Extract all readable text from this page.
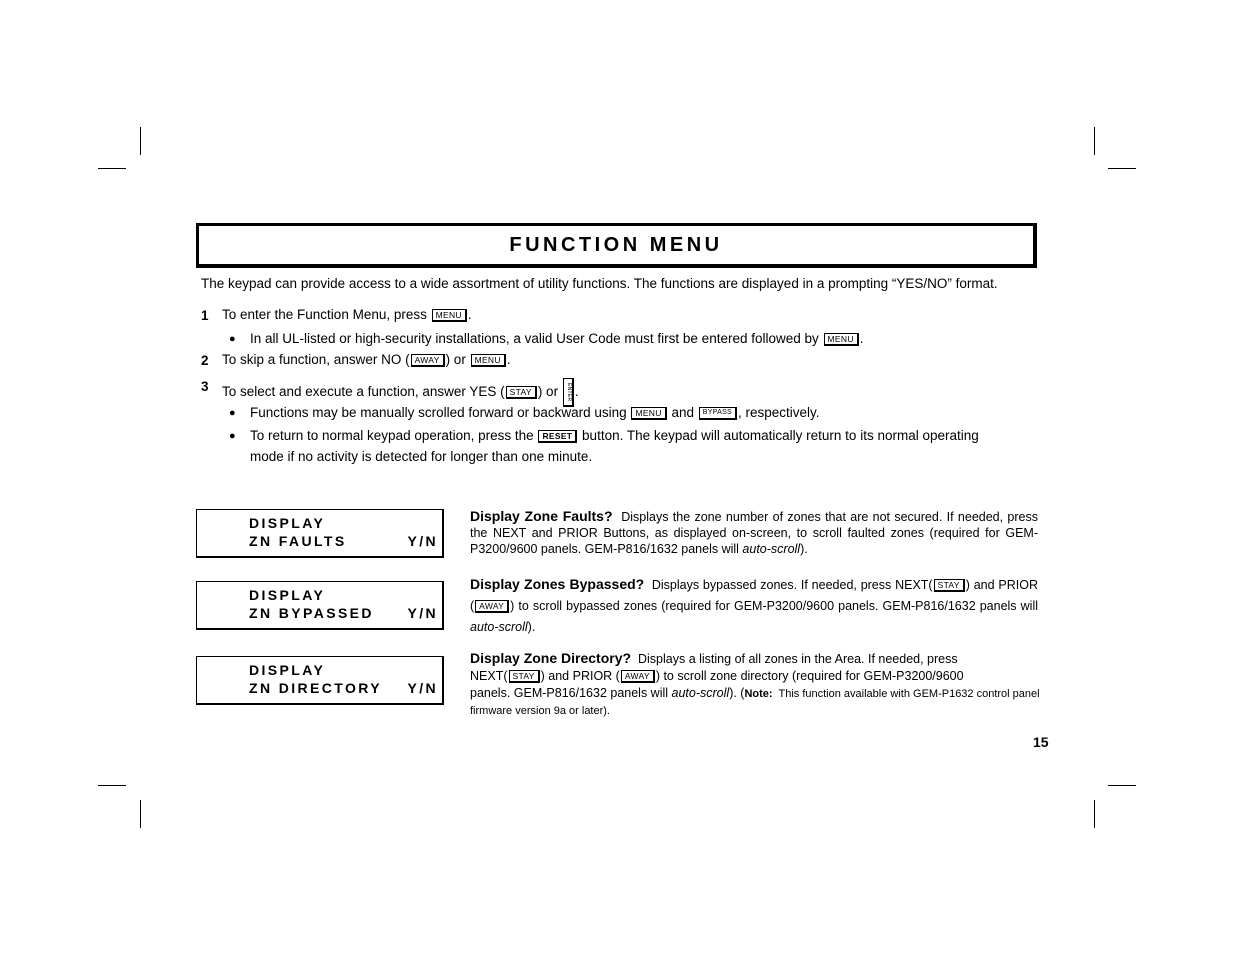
FUNCTION MENU
The keypad can provide access to a wide assortment of utility functions. The functions are displayed in a prompting “YES/NO” format.
1 To enter the Function Menu, press MENU .
● In all UL-listed or high-security installations, a valid User Code must first be entered followed by MENU .
2 To skip a function, answer NO ( AWAY ) or MENU .
3 To select and execute a function, answer YES ( STAY ) or ENTER .
● Functions may be manually scrolled forward or backward using MENU and BYPASS , respectively.
● To return to normal keypad operation, press the RESET button. The keypad will automatically return to its normal operating
mode if no activity is detected for longer than one minute.
DISPLAY
ZN FAULTS	Y/N
DISPLAY
ZN BYPASSED Y/N
DISPLAY
ZN DIRECTORY Y/N
Display Zone Faults? Displays the zone number of zones that are not secured. If needed, press the NEXT and PRIOR Buttons, as displayed on-screen, to scroll faulted zones (required for GEM-P3200/9600 panels. GEM-P816/1632 panels will auto-scroll).
Display Zones Bypassed? Displays bypassed zones. If needed, press NEXT( STAY ) and PRIOR ( AWAY ) to scroll bypassed zones (required for GEM-P3200/9600 panels. GEM-P816/1632 panels will auto-scroll).
Display Zone Directory? Displays a listing of all zones in the Area. If needed, press
NEXT( STAY ) and PRIOR ( AWAY ) to scroll zone directory (required for GEM-P3200/9600
panels. GEM-P816/1632 panels will auto-scroll). (Note: This function available with GEM-P1632 control panel firmware version 9a or later).
15
